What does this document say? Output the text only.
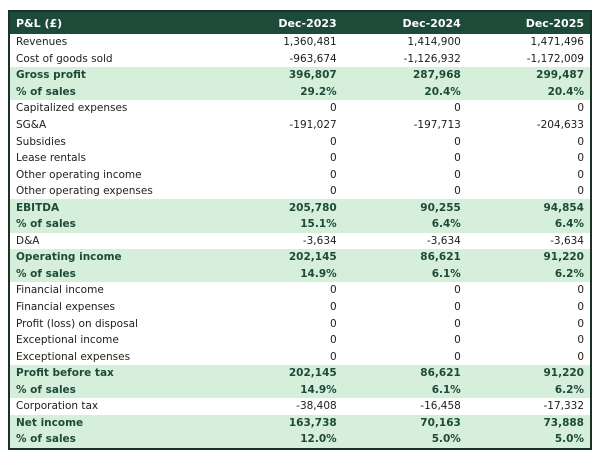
P&L (£)	Dec-2023	Dec-2024	Dec-2025
Revenues	1,360,481	1,414,900	1,471,496
Cost of goods sold	-963,674	-1,126,932	-1,172,009
Gross profit	396,807	287,968	299,487
% of sales	29.2%	20.4%	20.4%
Capitalized expenses	0	0	0
SG&A	-191,027	-197,713	-204,633
Subsidies	0	0	0
Lease rentals	0	0	0
Other operating income	0	0	0
Other operating expenses	0	0	0
EBITDA	205,780	90,255	94,854
% of sales	15.1%	6.4%	6.4%
D&A	-3,634	-3,634	-3,634
Operating income	202,145	86,621	91,220
% of sales	14.9%	6.1%	6.2%
Financial income	0	0	0
Financial expenses	0	0	0
Profit (loss) on disposal	0	0	0
Exceptional income	0	0	0
Exceptional expenses	0	0	0
Profit before tax	202,145	86,621	91,220
% of sales	14.9%	6.1%	6.2%
Corporation tax	-38,408	-16,458	-17,332
Net income	163,738	70,163	73,888
% of sales	12.0%	5.0%	5.0%
